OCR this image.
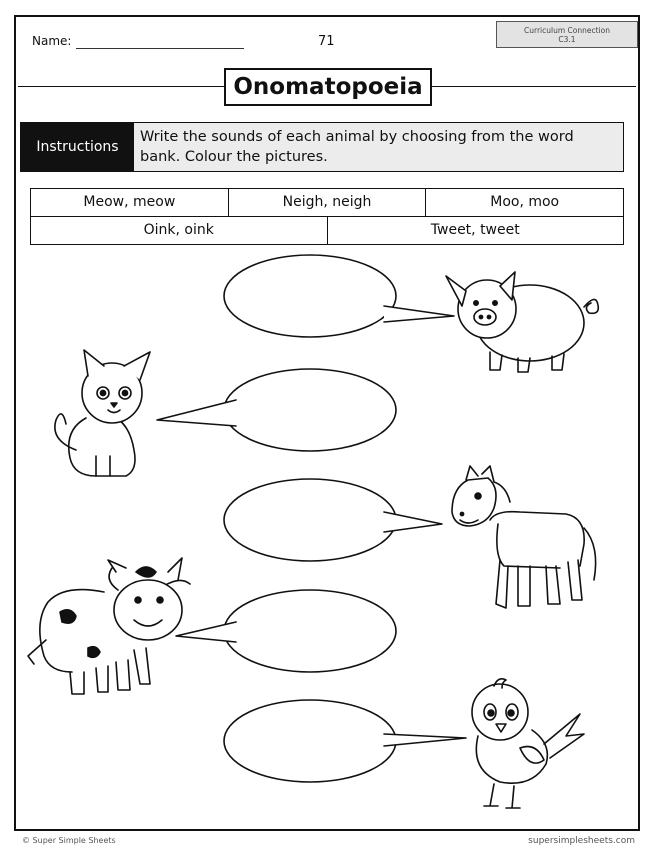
Name:	71
Curriculum Connection
C3.1
Onomatopoeia
Instructions
Write the sounds of each animal by choosing from the word
bank. Colour the pictures.
Meow, meow	Neigh, neigh	Moo, moo
Oink, oink	Tweet, tweet
© Super Simple Sheets	supersimplesheets.com
